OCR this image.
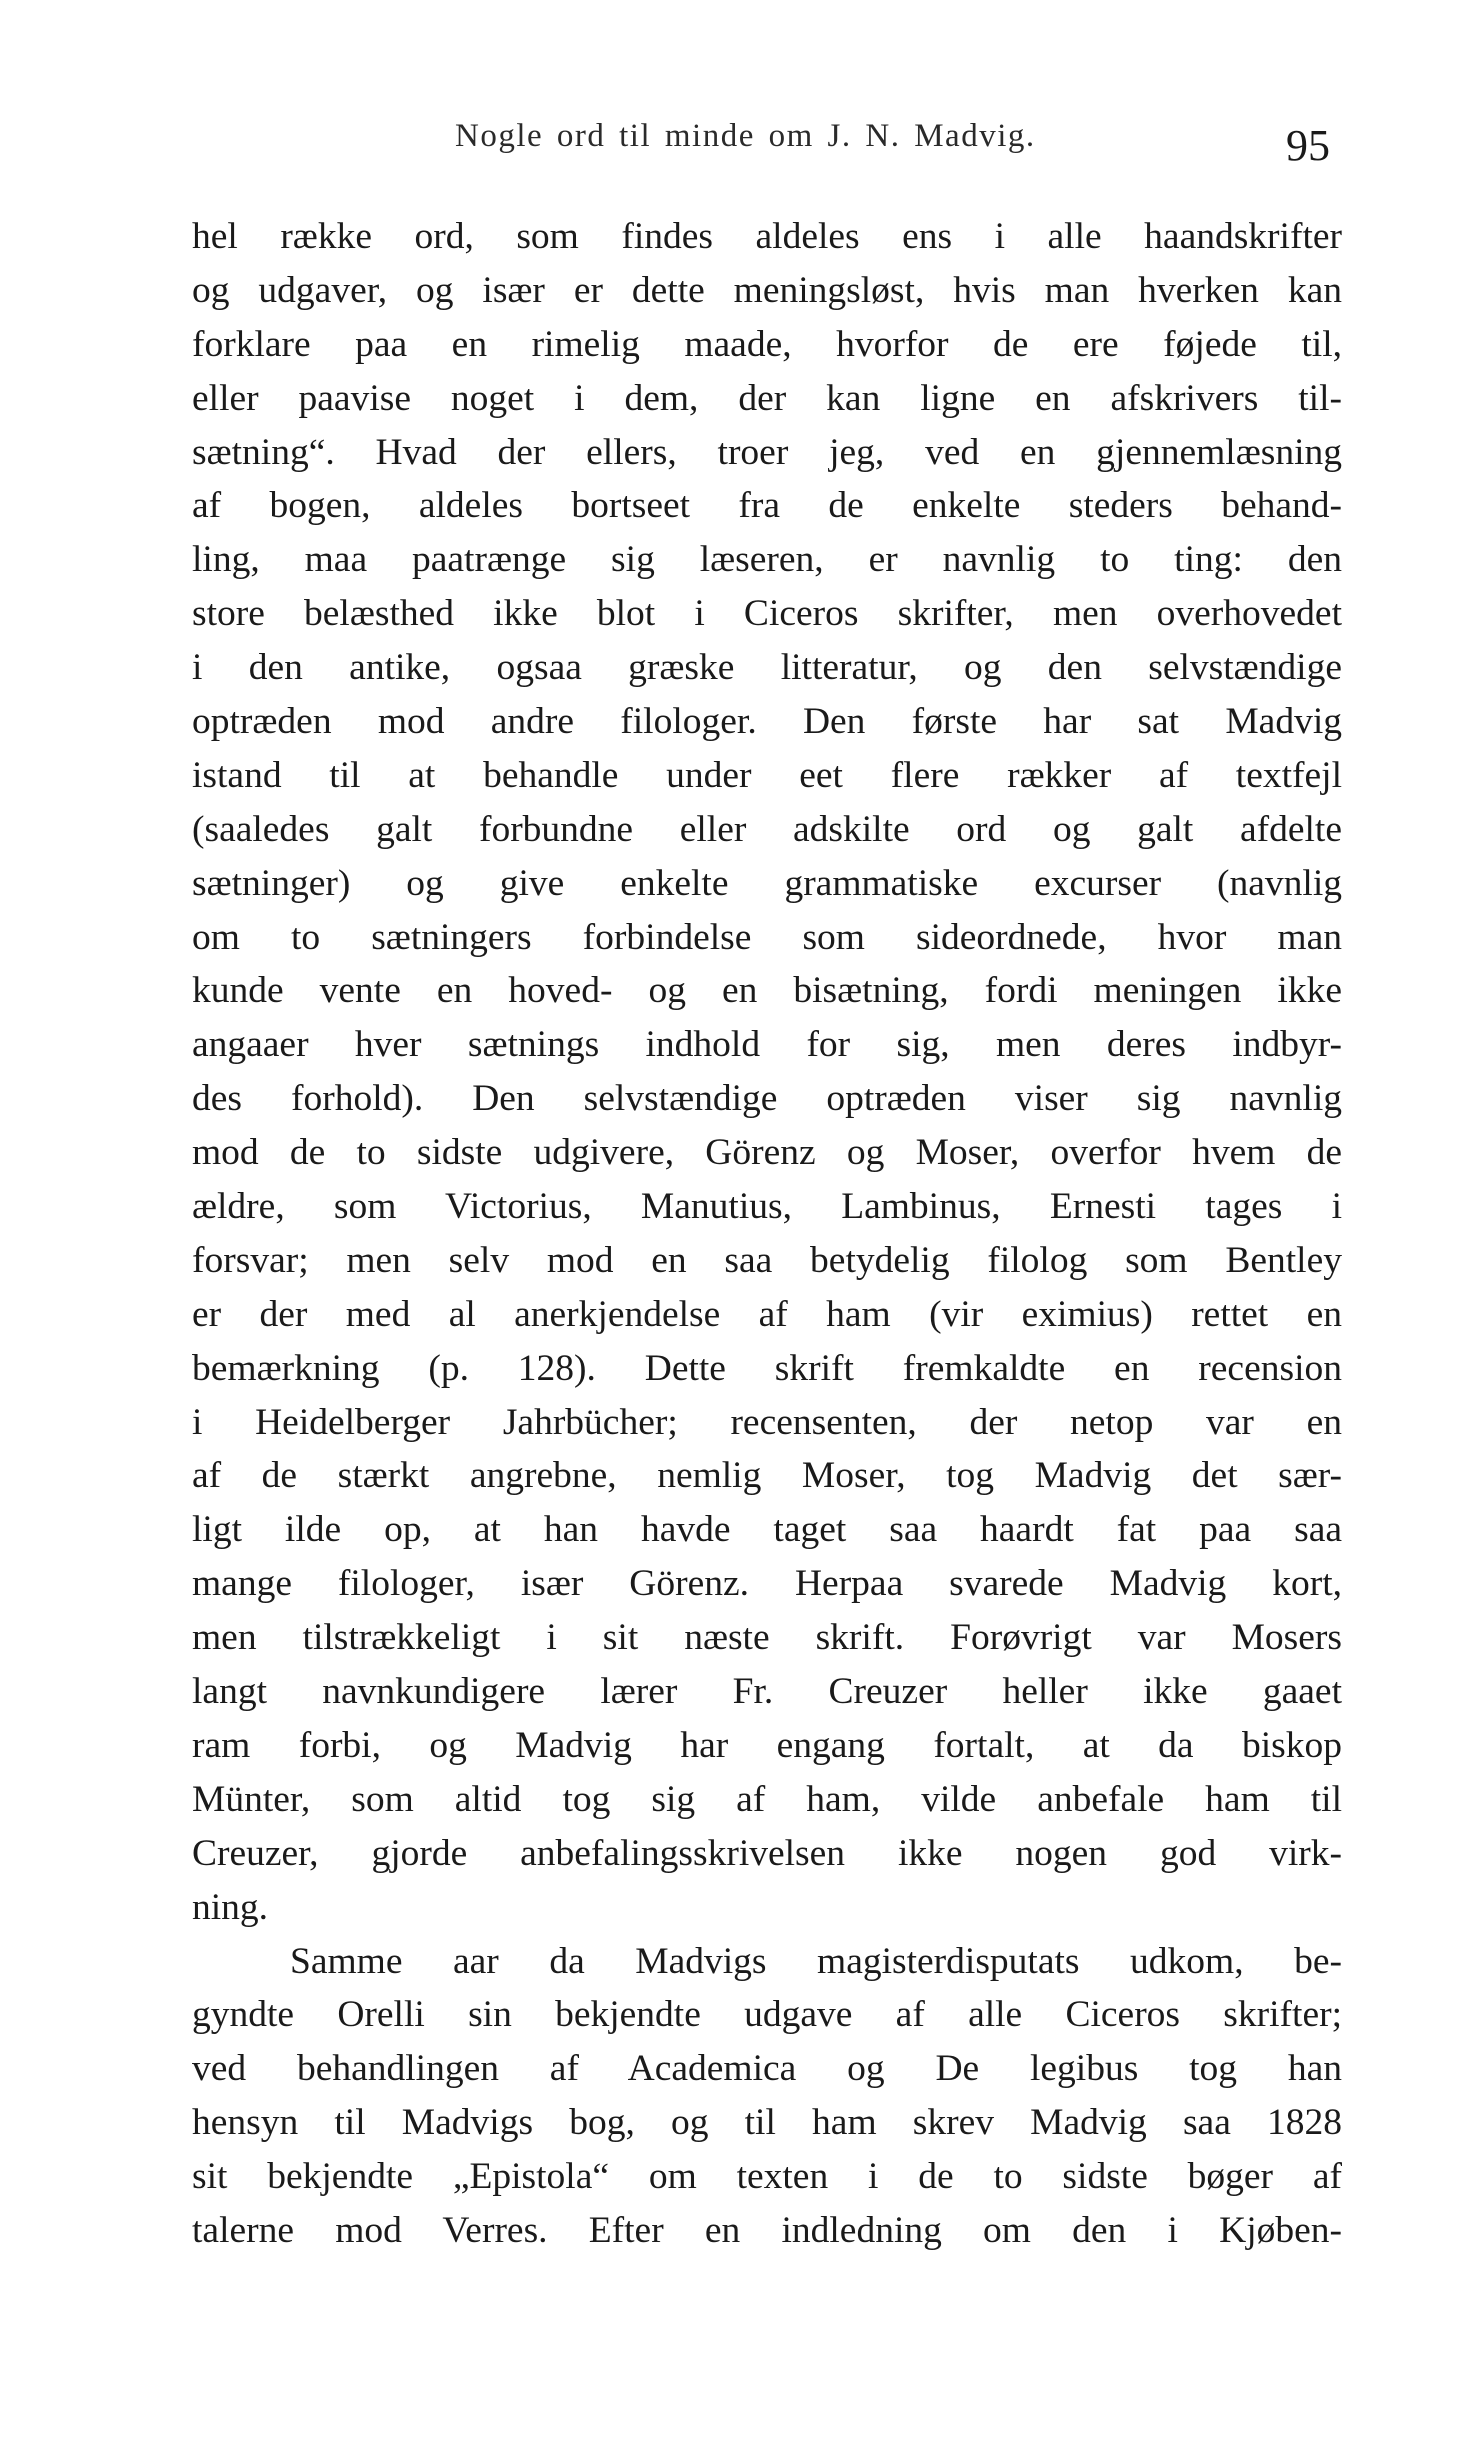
Nogle ord til minde om J. N. Madvig.	95
hel række ord, som findes aldeles ens i alle haandskrifter
og udgaver, og især er dette meningsløst, hvis man hverken kan
forklare paa en rimelig maade, hvorfor de ere føjede til,
eller paavise noget i dem, der kan ligne en afskrivers til-
sætning“. Hvad der ellers, troer jeg, ved en gjennemlæsning
af bogen, aldeles bortseet fra de enkelte steders behand-
ling, maa paatrænge sig læseren, er navnlig to ting: den
store belæsthed ikke blot i Ciceros skrifter, men overhovedet
i den antike, ogsaa græske litteratur, og den selvstændige
optræden mod andre filologer. Den første har sat Madvig
istand til at behandle under eet flere rækker af textfejl
(saaledes galt forbundne eller adskilte ord og galt afdelte
sætninger) og give enkelte grammatiske excurser (navnlig
om to sætningers forbindelse som sideordnede, hvor man
kunde vente en hoved- og en bisætning, fordi meningen ikke
angaaer hver sætnings indhold for sig, men deres indbyr-
des forhold). Den selvstændige optræden viser sig navnlig
mod de to sidste udgivere, Görenz og Moser, overfor hvem de
ældre, som Victorius, Manutius, Lambinus, Ernesti tages i
forsvar; men selv mod en saa betydelig filolog som Bentley
er der med al anerkjendelse af ham (vir eximius) rettet en
bemærkning (p. 128). Dette skrift fremkaldte en recension
i Heidelberger Jahrbücher; recensenten, der netop var en
af de stærkt angrebne, nemlig Moser, tog Madvig det sær-
ligt ilde op, at han havde taget saa haardt fat paa saa
mange filologer, især Görenz. Herpaa svarede Madvig kort,
men tilstrækkeligt i sit næste skrift. Forøvrigt var Mosers
langt navnkundigere lærer Fr. Creuzer heller ikke gaaet
ram forbi, og Madvig har engang fortalt, at da biskop
Münter, som altid tog sig af ham, vilde anbefale ham til
Creuzer, gjorde anbefalingsskrivelsen ikke nogen god virk-
ning.
Samme aar da Madvigs magisterdisputats udkom, be-
gyndte Orelli sin bekjendte udgave af alle Ciceros skrifter;
ved behandlingen af Academica og De legibus tog han
hensyn til Madvigs bog, og til ham skrev Madvig saa 1828
sit bekjendte „Epistola“ om texten i de to sidste bøger af
talerne mod Verres. Efter en indledning om den i Kjøben-
